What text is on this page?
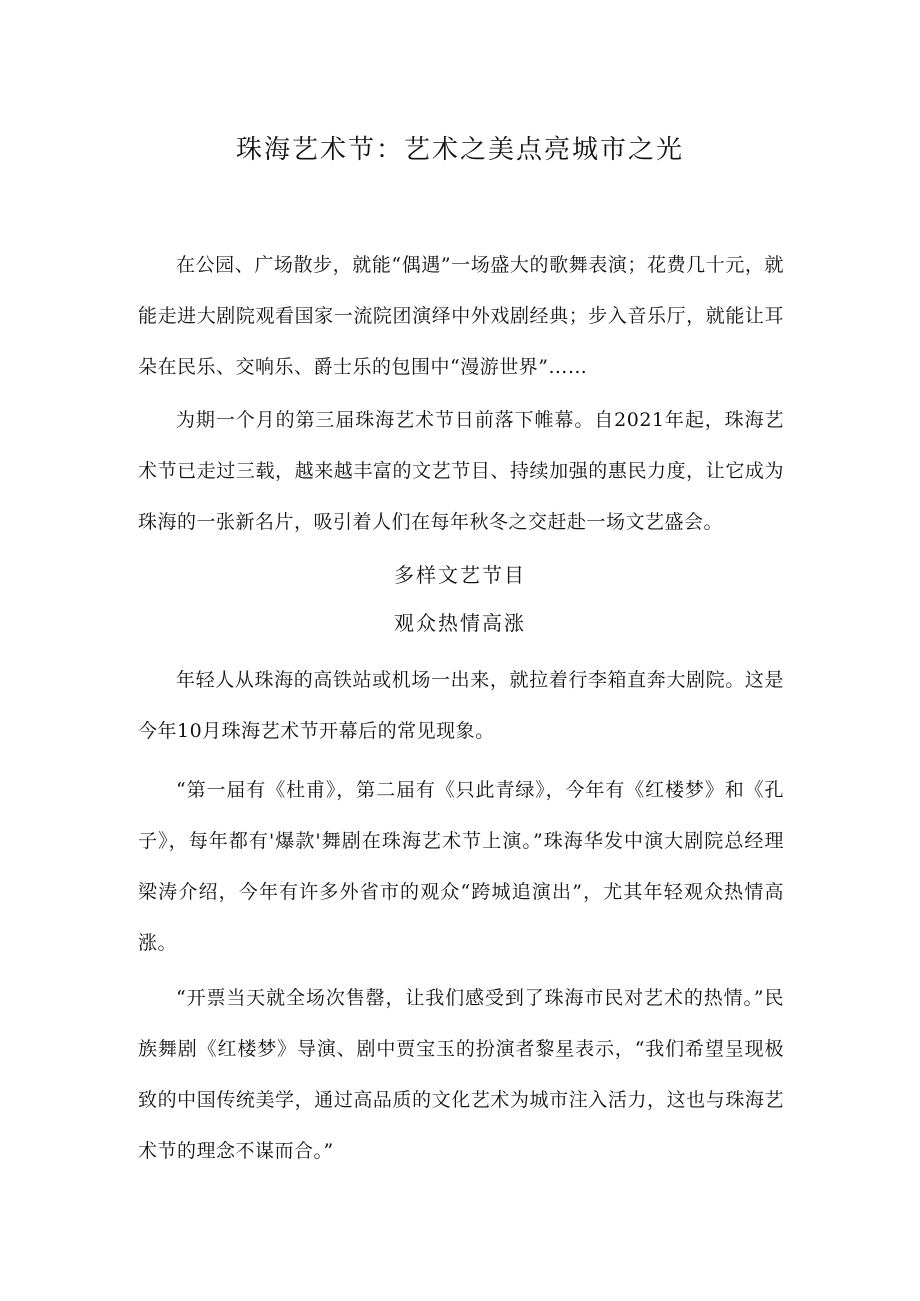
珠海艺术节：艺术之美点亮城市之光

在公园、广场散步，就能“偶遇”一场盛大的歌舞表演；花费几十元，就能走进大剧院观看国家一流院团演绎中外戏剧经典；步入音乐厅，就能让耳朵在民乐、交响乐、爵士乐的包围中“漫游世界”……

为期一个月的第三届珠海艺术节日前落下帷幕。自2021年起，珠海艺术节已走过三载，越来越丰富的文艺节目、持续加强的惠民力度，让它成为珠海的一张新名片，吸引着人们在每年秋冬之交赶赴一场文艺盛会。

多样文艺节目
观众热情高涨

年轻人从珠海的高铁站或机场一出来，就拉着行李箱直奔大剧院。这是今年10月珠海艺术节开幕后的常见现象。

“第一届有《杜甫》，第二届有《只此青绿》，今年有《红楼梦》和《孔子》，每年都有'爆款'舞剧在珠海艺术节上演。”珠海华发中演大剧院总经理梁涛介绍，今年有许多外省市的观众“跨城追演出”，尤其年轻观众热情高涨。

“开票当天就全场次售罄，让我们感受到了珠海市民对艺术的热情。”民族舞剧《红楼梦》导演、剧中贾宝玉的扮演者黎星表示，“我们希望呈现极致的中国传统美学，通过高品质的文化艺术为城市注入活力，这也与珠海艺术节的理念不谋而合。”
